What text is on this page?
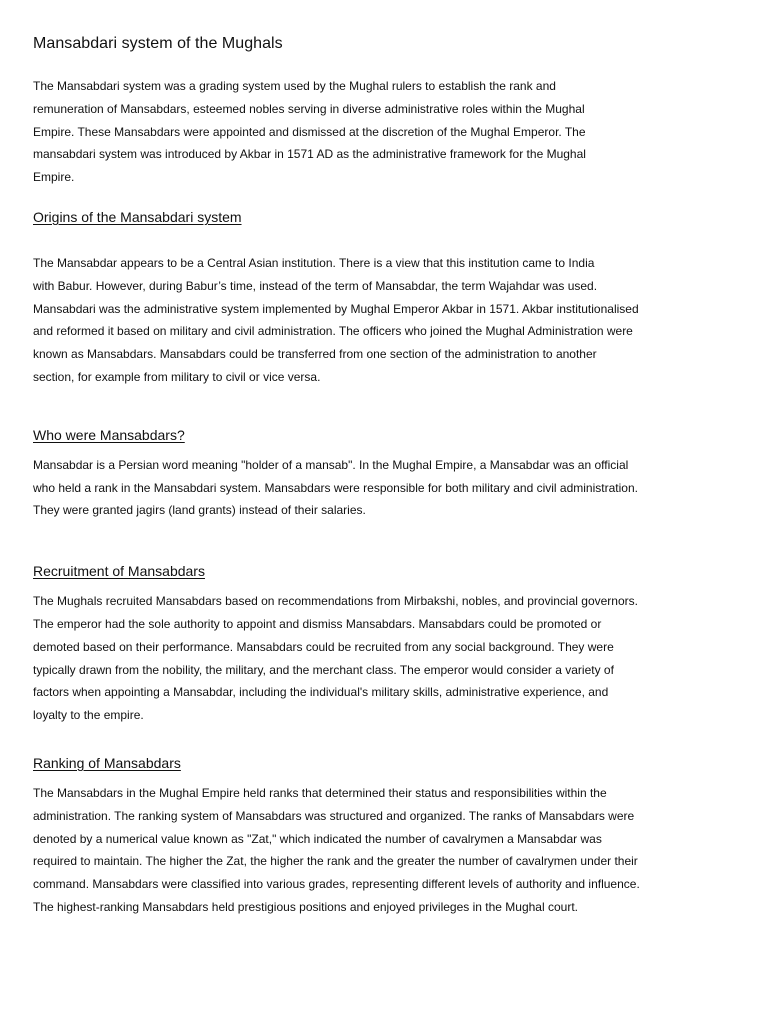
Mansabdari system of the Mughals

The Mansabdari system was a grading system used by the Mughal rulers to establish the rank and
remuneration of Mansabdars, esteemed nobles serving in diverse administrative roles within the Mughal
Empire. These Mansabdars were appointed and dismissed at the discretion of the Mughal Emperor. The
mansabdari system was introduced by Akbar in 1571 AD as the administrative framework for the Mughal
Empire.

Origins of the Mansabdari system

The Mansabdar appears to be a Central Asian institution. There is a view that this institution came to India
with Babur. However, during Babur’s time, instead of the term of Mansabdar, the term Wajahdar was used.
Mansabdari was the administrative system implemented by Mughal Emperor Akbar in 1571. Akbar institutionalised
and reformed it based on military and civil administration. The officers who joined the Mughal Administration were
known as Mansabdars. Mansabdars could be transferred from one section of the administration to another
section, for example from military to civil or vice versa.

Who were Mansabdars?

Mansabdar is a Persian word meaning "holder of a mansab". In the Mughal Empire, a Mansabdar was an official
who held a rank in the Mansabdari system. Mansabdars were responsible for both military and civil administration.
They were granted jagirs (land grants) instead of their salaries.

Recruitment of Mansabdars

The Mughals recruited Mansabdars based on recommendations from Mirbakshi, nobles, and provincial governors.
The emperor had the sole authority to appoint and dismiss Mansabdars. Mansabdars could be promoted or
demoted based on their performance. Mansabdars could be recruited from any social background. They were
typically drawn from the nobility, the military, and the merchant class. The emperor would consider a variety of
factors when appointing a Mansabdar, including the individual's military skills, administrative experience, and
loyalty to the empire.

Ranking of Mansabdars

The Mansabdars in the Mughal Empire held ranks that determined their status and responsibilities within the
administration. The ranking system of Mansabdars was structured and organized. The ranks of Mansabdars were
denoted by a numerical value known as "Zat," which indicated the number of cavalrymen a Mansabdar was
required to maintain. The higher the Zat, the higher the rank and the greater the number of cavalrymen under their
command. Mansabdars were classified into various grades, representing different levels of authority and influence.
The highest-ranking Mansabdars held prestigious positions and enjoyed privileges in the Mughal court.
